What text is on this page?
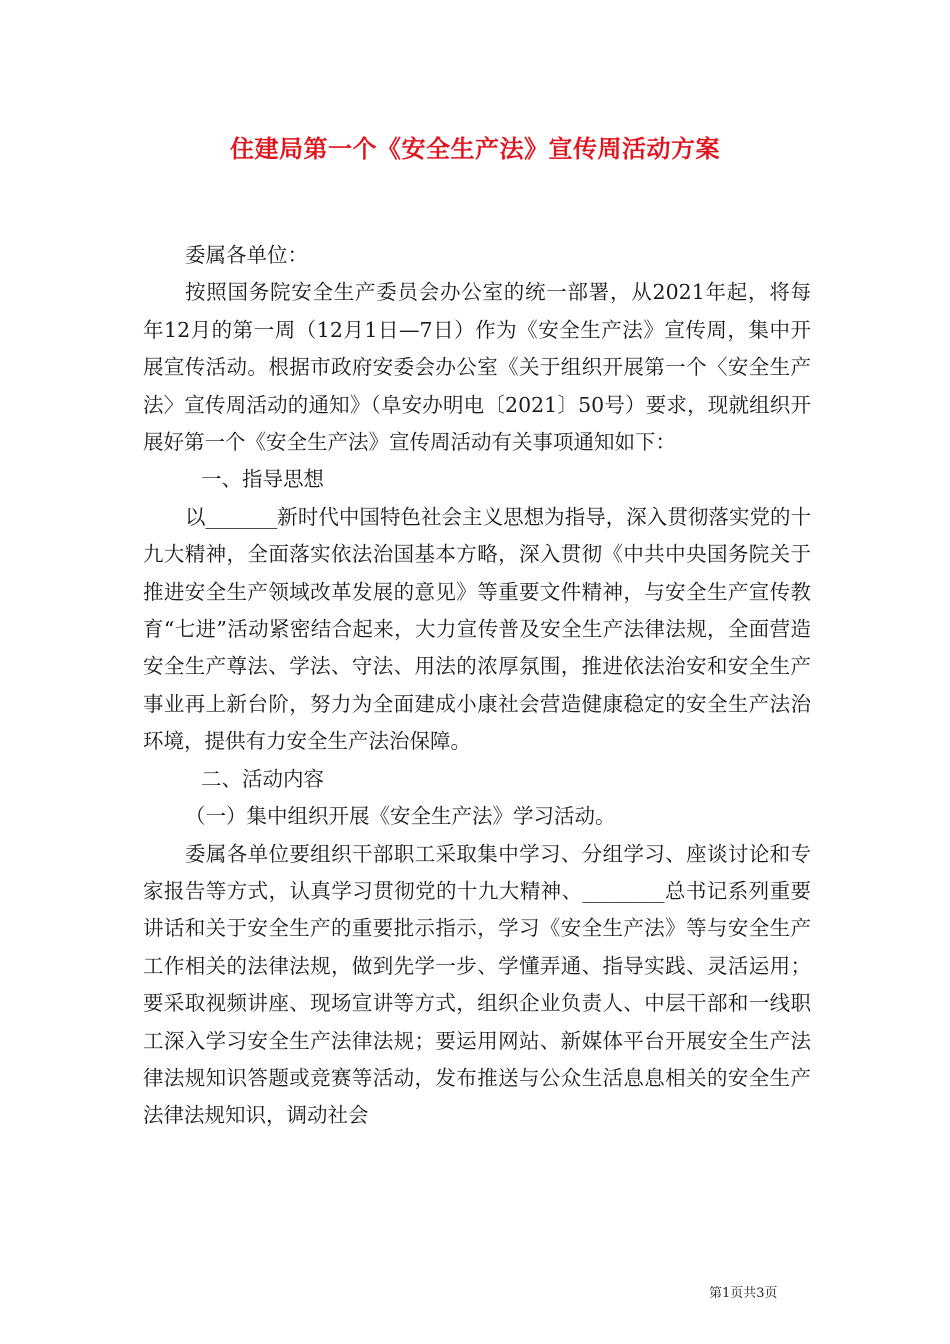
住建局第一个《安全生产法》宣传周活动方案

委属各单位：

按照国务院安全生产委员会办公室的统一部署，从2021年起，将每年12月的第一周（12月1日—7日）作为《安全生产法》宣传周，集中开展宣传活动。根据市政府安委会办公室《关于组织开展第一个〈安全生产法〉宣传周活动的通知》（阜安办明电〔2021〕50号）要求，现就组织开展好第一个《安全生产法》宣传周活动有关事项通知如下：

一、指导思想

以_______新时代中国特色社会主义思想为指导，深入贯彻落实党的十九大精神，全面落实依法治国基本方略，深入贯彻《中共中央国务院关于推进安全生产领域改革发展的意见》等重要文件精神，与安全生产宣传教育“七进”活动紧密结合起来，大力宣传普及安全生产法律法规，全面营造安全生产尊法、学法、守法、用法的浓厚氛围，推进依法治安和安全生产事业再上新台阶，努力为全面建成小康社会营造健康稳定的安全生产法治环境，提供有力安全生产法治保障。

二、活动内容

（一）集中组织开展《安全生产法》学习活动。

委属各单位要组织干部职工采取集中学习、分组学习、座谈讨论和专家报告等方式，认真学习贯彻党的十九大精神、________总书记系列重要讲话和关于安全生产的重要批示指示，学习《安全生产法》等与安全生产工作相关的法律法规，做到先学一步、学懂弄通、指导实践、灵活运用；要采取视频讲座、现场宣讲等方式，组织企业负责人、中层干部和一线职工深入学习安全生产法律法规；要运用网站、新媒体平台开展安全生产法律法规知识答题或竞赛等活动，发布推送与公众生活息息相关的安全生产法律法规知识，调动社会

第1页共3页
